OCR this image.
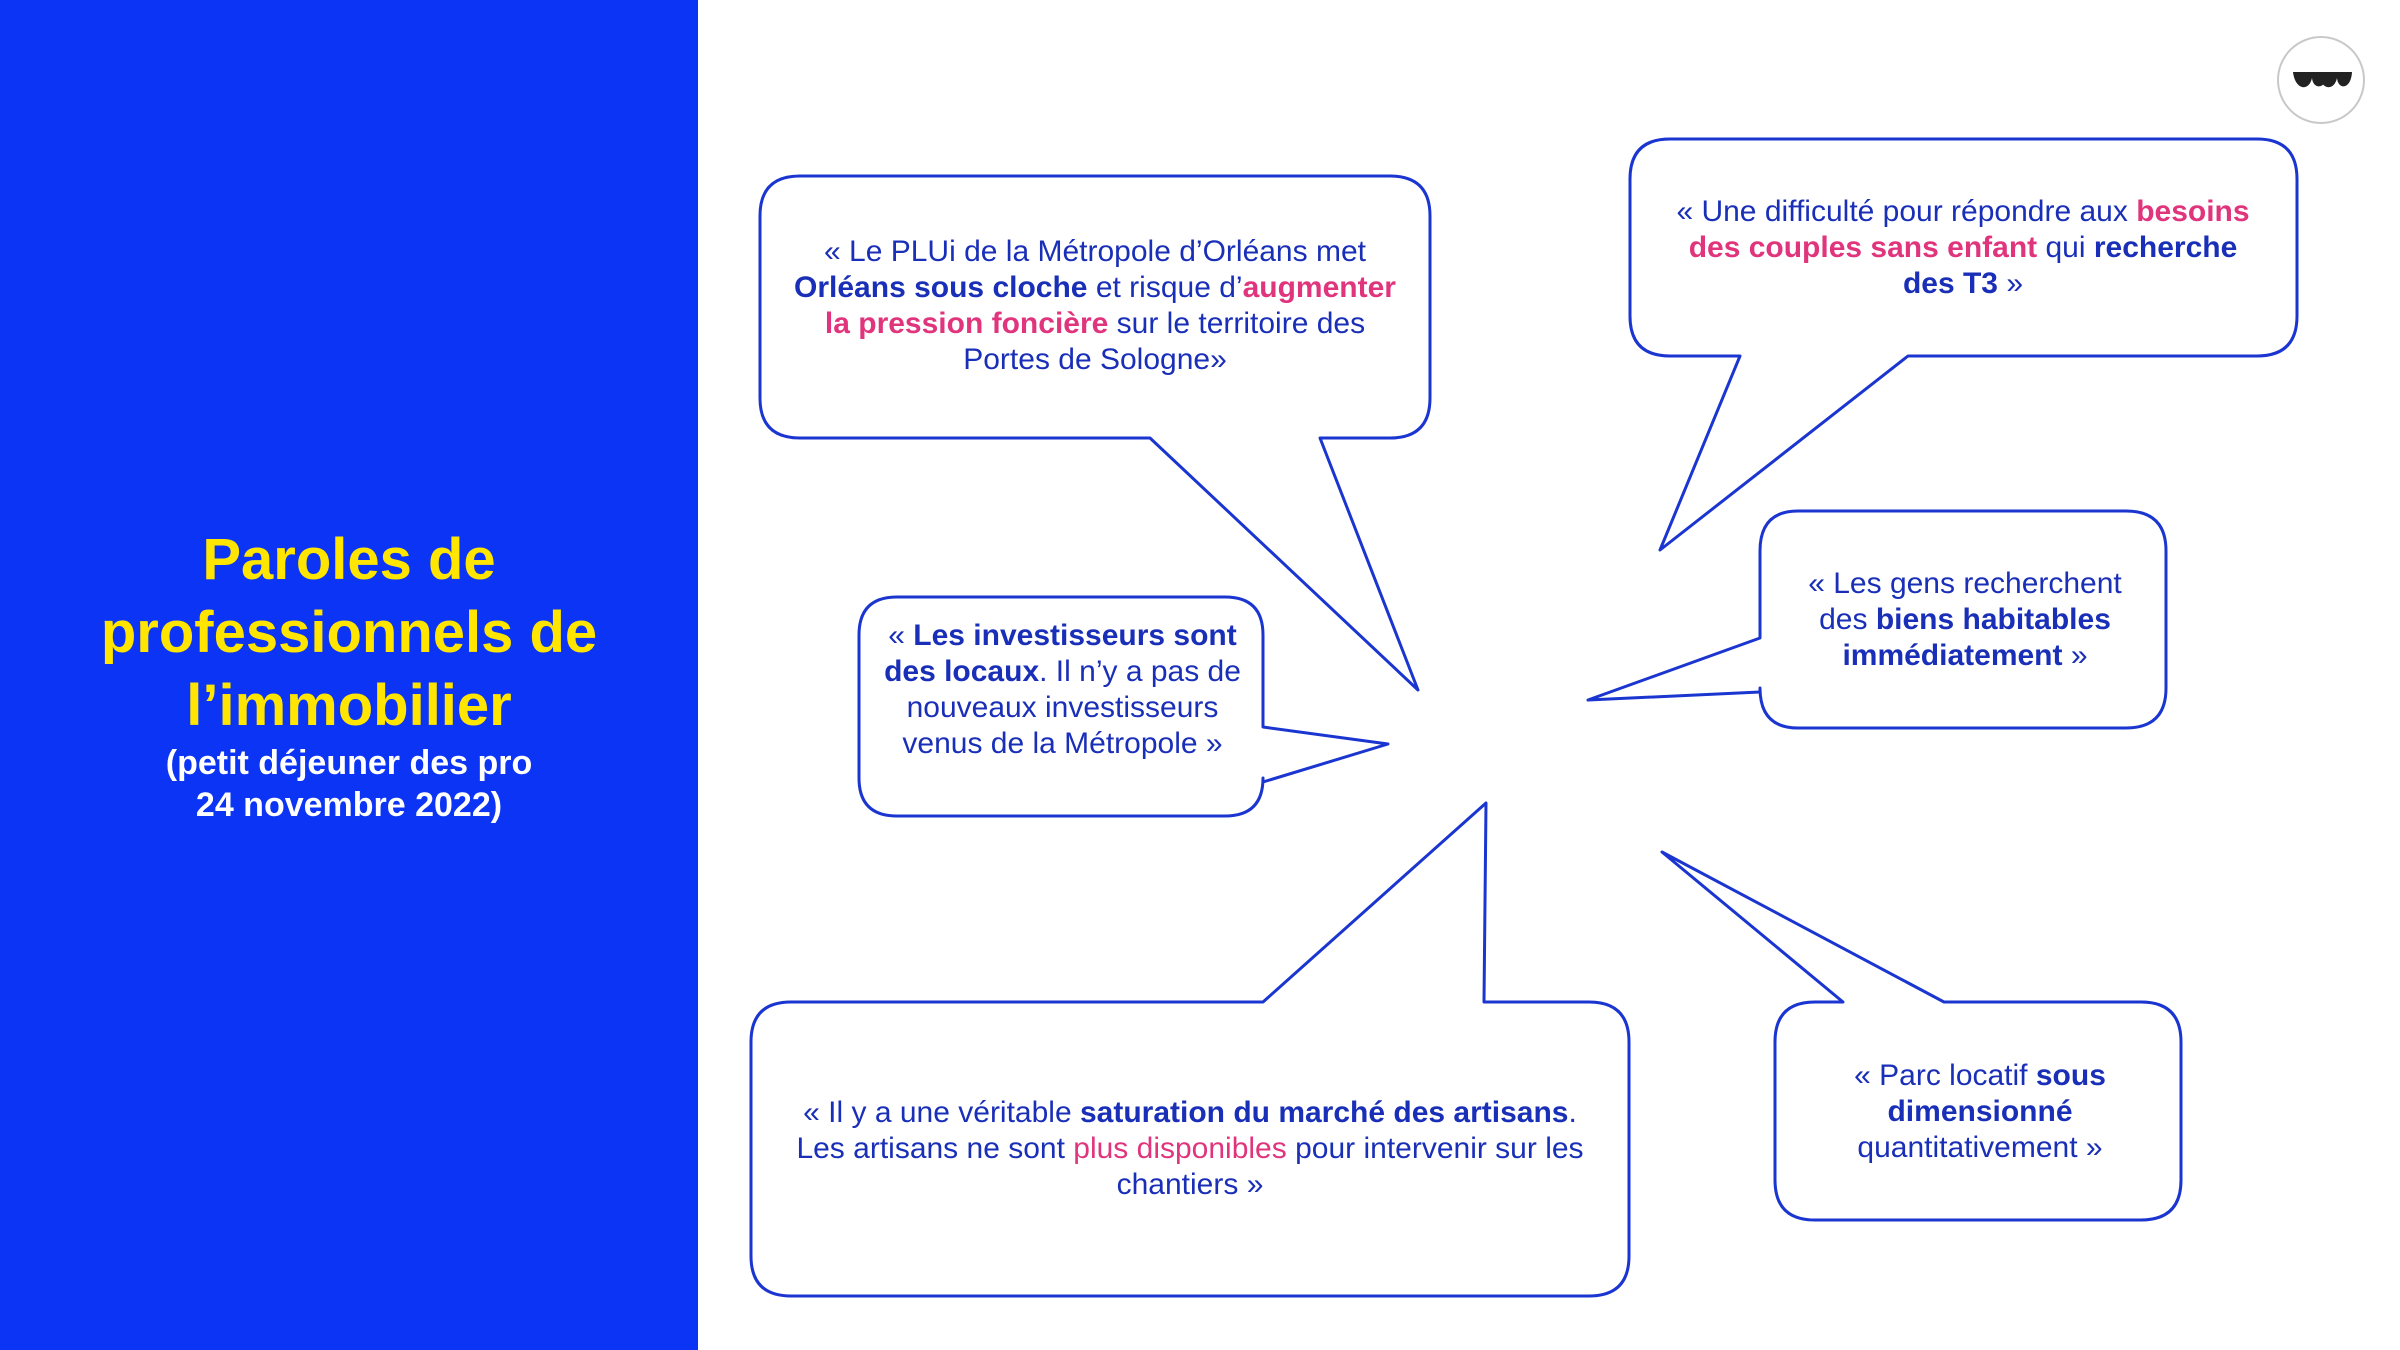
Paroles de

professionnels de

l’immobilier

(petit déjeuner des pro

24 novembre 2022)

« Le PLUi de la Métropole d’Orléans met Orléans sous cloche et risque d’augmenter la pression foncière sur le territoire des Portes de Sologne»

« Une difficulté pour répondre aux besoins des couples sans enfant qui recherche des T3 »

« Les investisseurs sont des locaux. Il n’y a pas de nouveaux investisseurs venus de la Métropole »

« Les gens recherchent des biens habitables immédiatement »

« Il y a une véritable saturation du marché des artisans. Les artisans ne sont plus disponibles pour intervenir sur les chantiers »

« Parc locatif sous dimensionné quantitativement »
